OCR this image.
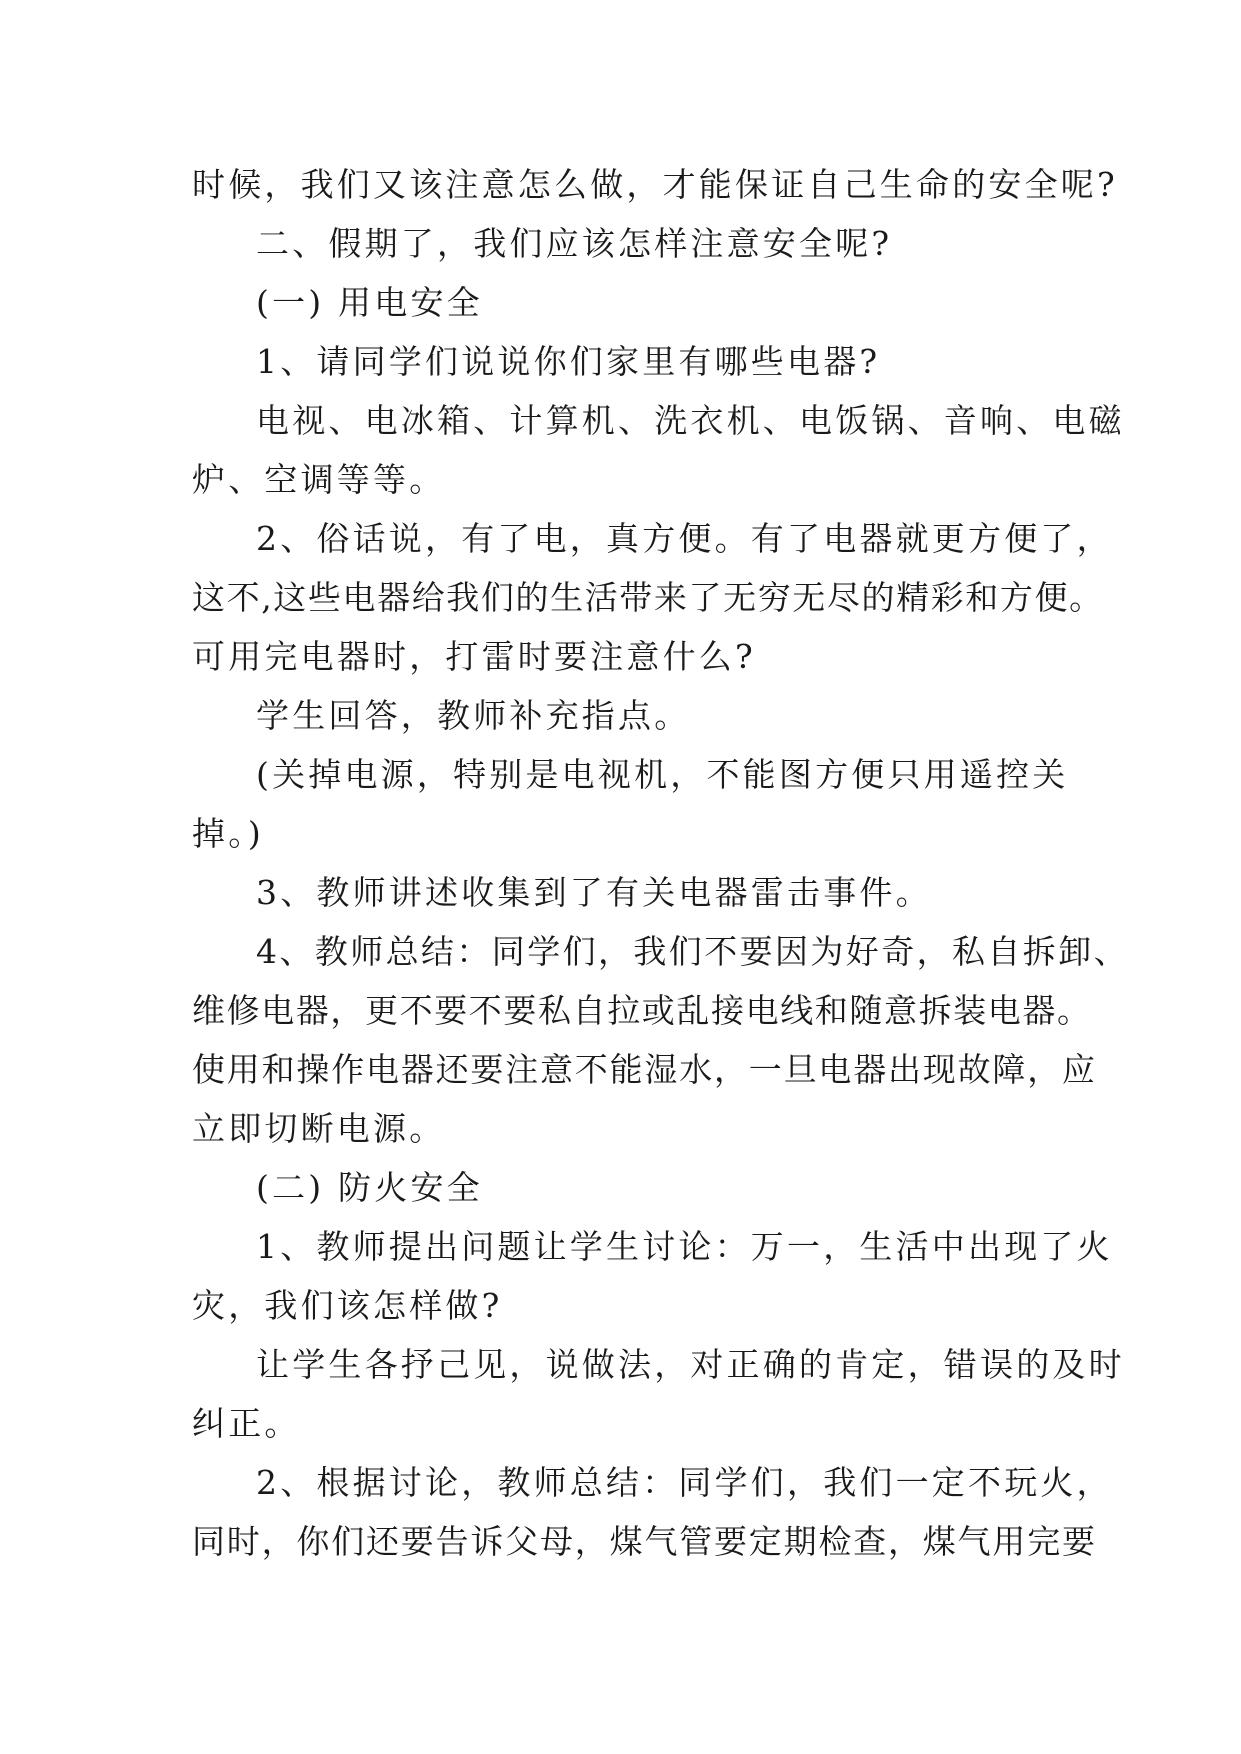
时候，我们又该注意怎么做，才能保证自己生命的安全呢?
二、假期了，我们应该怎样注意安全呢?
(一) 用电安全
1、请同学们说说你们家里有哪些电器?
电视、电冰箱、计算机、洗衣机、电饭锅、音响、电磁
炉、空调等等。
2、俗话说，有了电，真方便。有了电器就更方便了，
这不,这些电器给我们的生活带来了无穷无尽的精彩和方便。
可用完电器时，打雷时要注意什么?
学生回答，教师补充指点。
(关掉电源，特别是电视机，不能图方便只用遥控关
掉。)
3、教师讲述收集到了有关电器雷击事件。
4、教师总结：同学们，我们不要因为好奇，私自拆卸、
维修电器，更不要不要私自拉或乱接电线和随意拆装电器。
使用和操作电器还要注意不能湿水，一旦电器出现故障，应
立即切断电源。
(二) 防火安全
1、教师提出问题让学生讨论：万一，生活中出现了火
灾，我们该怎样做?
让学生各抒己见，说做法，对正确的肯定，错误的及时
纠正。
2、根据讨论，教师总结：同学们，我们一定不玩火，
同时，你们还要告诉父母，煤气管要定期检查，煤气用完要
